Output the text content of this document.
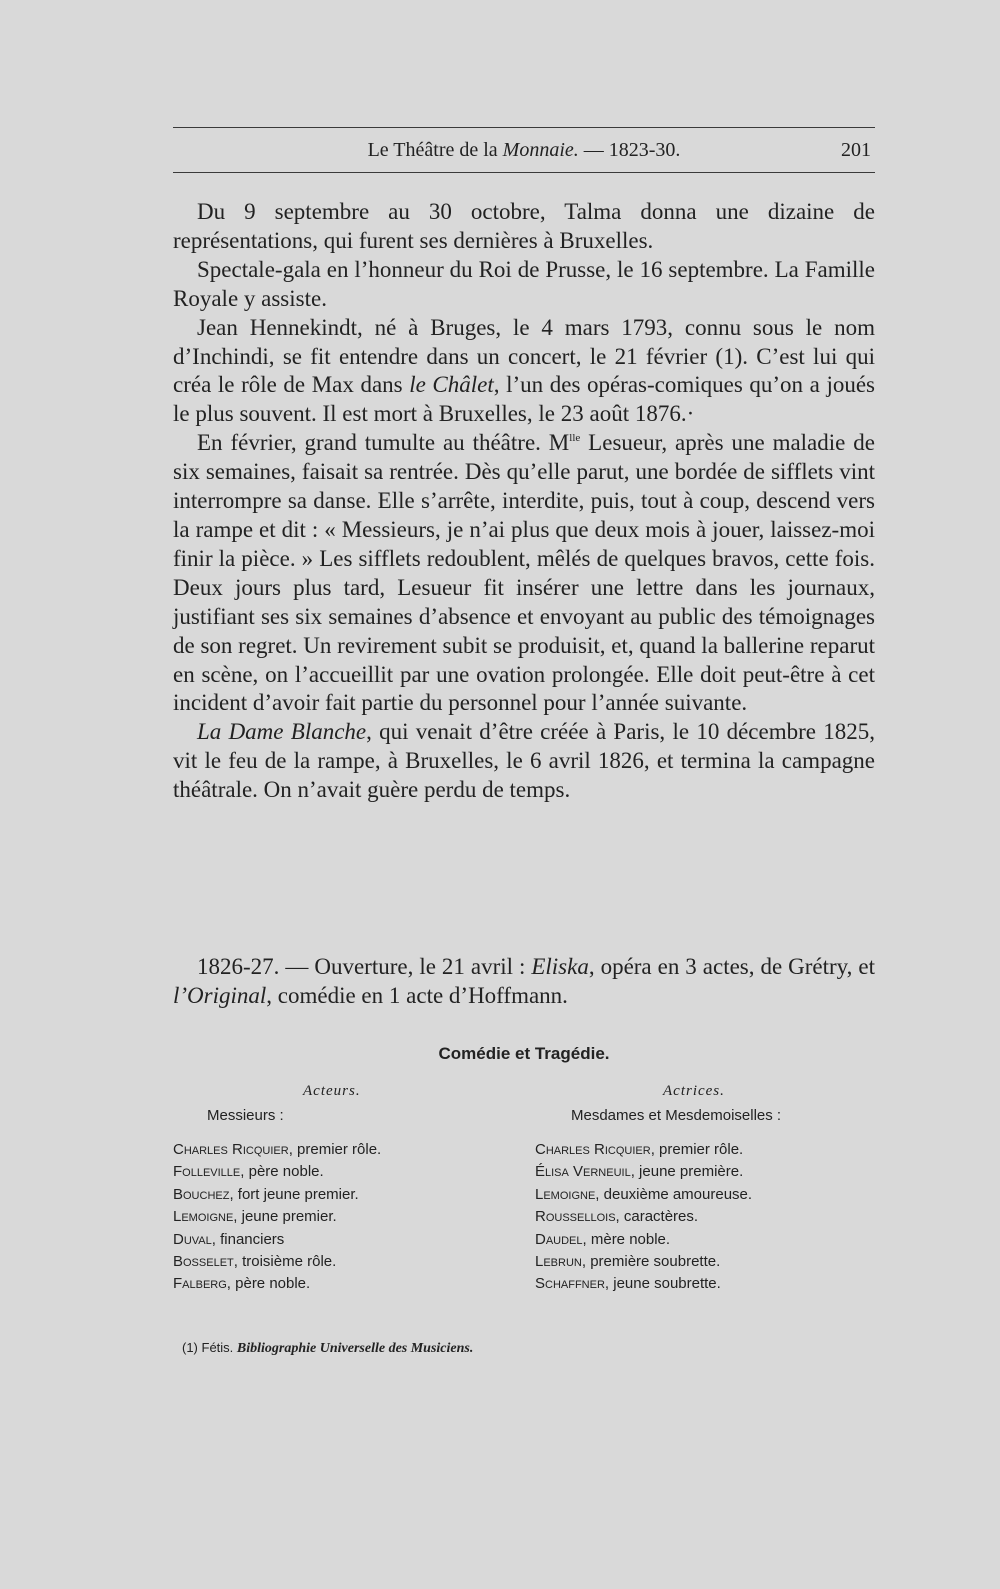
Le Théâtre de la Monnaie. — 1823-30.	201

Du 9 septembre au 30 octobre, Talma donna une dizaine de représentations, qui furent ses dernières à Bruxelles.

Spectale-gala en l’honneur du Roi de Prusse, le 16 septembre. La Famille Royale y assiste.

Jean Hennekindt, né à Bruges, le 4 mars 1793, connu sous le nom d’Inchindi, se fit entendre dans un concert, le 21 février (1). C’est lui qui créa le rôle de Max dans le Châlet, l’un des opéras-comiques qu’on a joués le plus souvent. Il est mort à Bruxelles, le 23 août 1876.·

En février, grand tumulte au théâtre. $M^{lle}$ Lesueur, après une maladie de six semaines, faisait sa rentrée. Dès qu’elle parut, une bordée de sifflets vint interrompre sa danse. Elle s’arrête, interdite, puis, tout à coup, descend vers la rampe et dit : « Messieurs, je n’ai plus que deux mois à jouer, laissez-moi finir la pièce. » Les sifflets redoublent, mêlés de quelques bravos, cette fois. Deux jours plus tard, Lesueur fit insérer une lettre dans les journaux, justifiant ses six semaines d’absence et envoyant au public des témoignages de son regret. Un revirement subit se produisit, et, quand la ballerine reparut en scène, on l’accueillit par une ovation prolongée. Elle doit peut-être à cet incident d’avoir fait partie du personnel pour l’année suivante.

La Dame Blanche, qui venait d’être créée à Paris, le 10 décembre 1825, vit le feu de la rampe, à Bruxelles, le 6 avril 1826, et termina la campagne théâtrale. On n’avait guère perdu de temps.

1826-27. — Ouverture, le 21 avril : Eliska, opéra en 3 actes, de Grétry, et l’Original, comédie en 1 acte d’Hoffmann.

Comédie et Tragédie.
Acteurs.
Messieurs :
Charles Ricquier, premier rôle.
Folleville, père noble.
Bouchez, fort jeune premier.
Lemoigne, jeune premier.
Duval, financiers
Bosselet, troisième rôle.
Falberg, père noble.
Actrices.
Mesdames et Mesdemoiselles :
Charles Ricquier, premier rôle.
Élisa Verneuil, jeune première.
Lemoigne, deuxième amoureuse.
Roussellois, caractères.
Daudel, mère noble.
Lebrun, première soubrette.
Schaffner, jeune soubrette.
(1) Fétis. Bibliographie Universelle des Musiciens.
